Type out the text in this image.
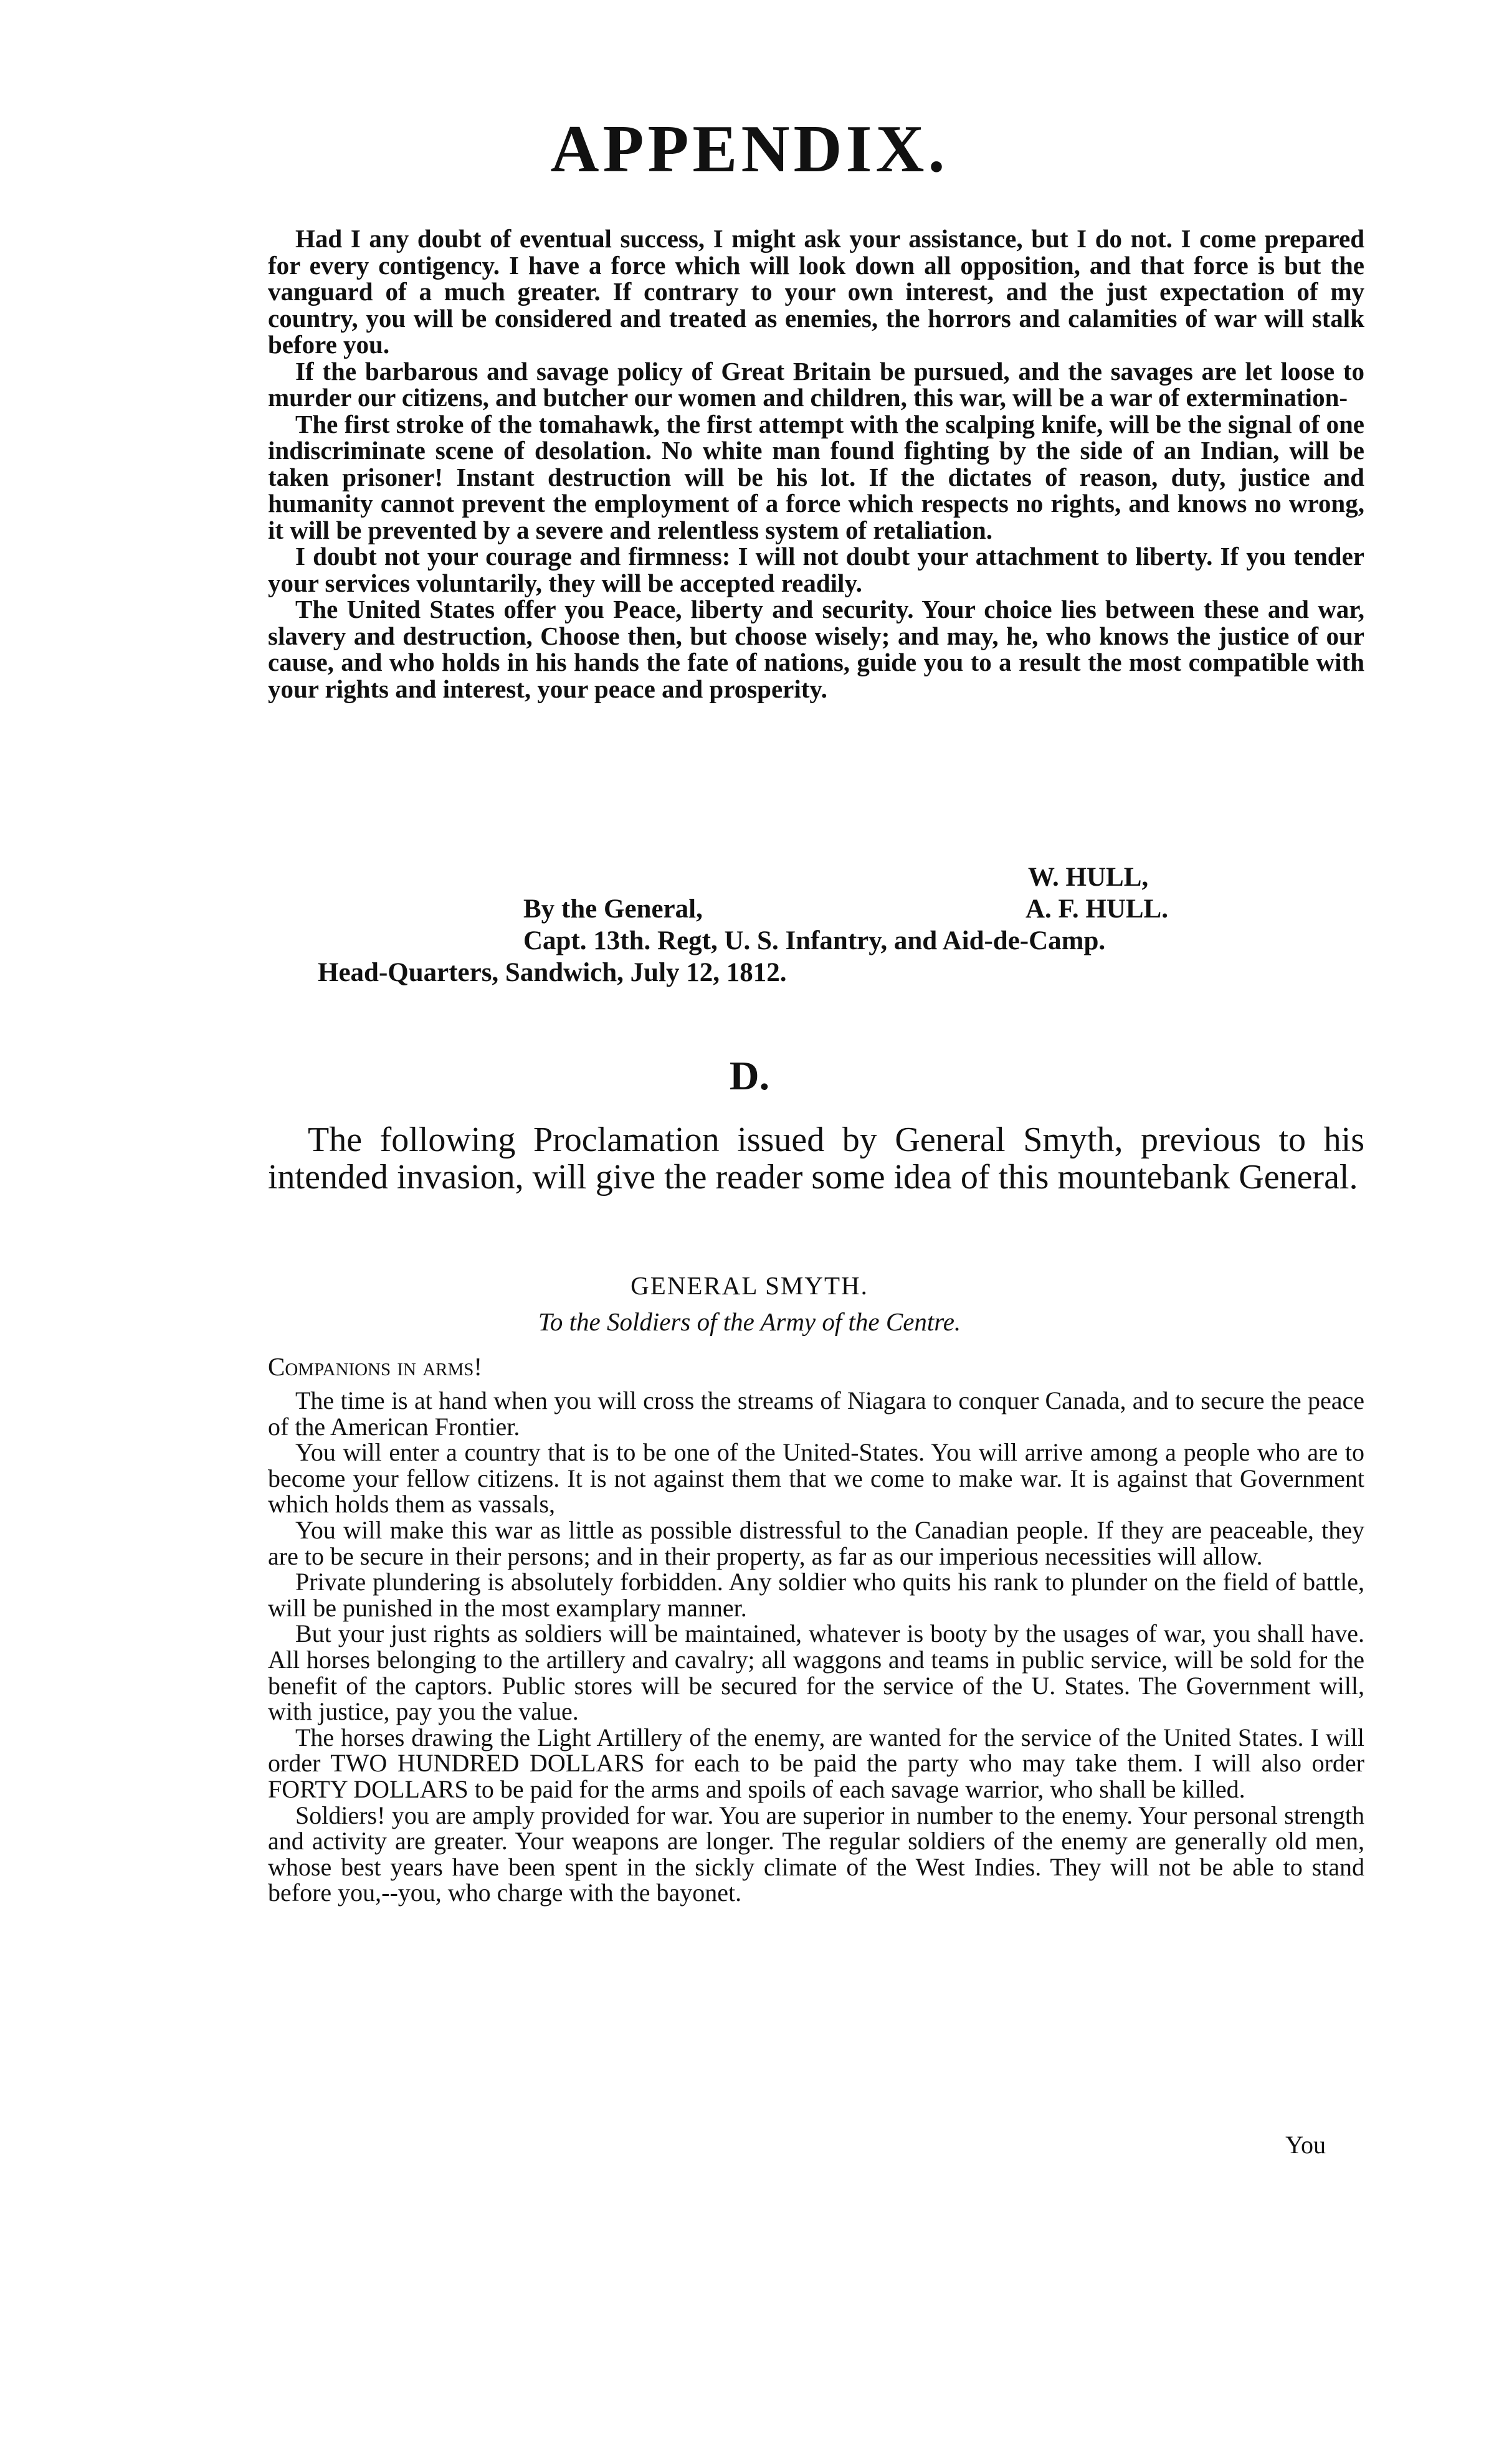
APPENDIX.

Had I any doubt of eventual success, I might ask your assistance, but I do not. I come prepared for every contigency. I have a force which will look down all opposition, and that force is but the vanguard of a much greater. If contrary to your own interest, and the just expectation of my country, you will be considered and treated as enemies, the horrors and calamities of war will stalk before you.

If the barbarous and savage policy of Great Britain be pursued, and the savages are let loose to murder our citizens, and butcher our women and children, this war, will be a war of extermination-

The first stroke of the tomahawk, the first attempt with the scalping knife, will be the signal of one indiscriminate scene of desolation. No white man found fighting by the side of an Indian, will be taken prisoner! Instant destruction will be his lot. If the dictates of reason, duty, justice and humanity cannot prevent the employment of a force which respects no rights, and knows no wrong, it will be prevented by a severe and relentless system of retaliation.

I doubt not your courage and firmness: I will not doubt your attachment to liberty. If you tender your services voluntarily, they will be accepted readily.

The United States offer you Peace, liberty and security. Your choice lies between these and war, slavery and destruction, Choose then, but choose wisely; and may, he, who knows the justice of our cause, and who holds in his hands the fate of nations, guide you to a result the most compatible with your rights and interest, your peace and prosperity.

W. HULL,
By the General,	A. F. HULL.
Capt. 13th. Regt, U. S. Infantry, and Aid-de-Camp.
Head-Quarters, Sandwich, July 12, 1812.
D.

The following Proclamation issued by General Smyth, previous to his intended invasion, will give the reader some idea of this mountebank General.

GENERAL SMYTH.

To the Soldiers of the Army of the Centre.

Companions in arms!

The time is at hand when you will cross the streams of Niagara to conquer Canada, and to secure the peace of the American Frontier.

You will enter a country that is to be one of the United-States. You will arrive among a people who are to become your fellow citizens. It is not against them that we come to make war. It is against that Government which holds them as vassals,

You will make this war as little as possible distressful to the Canadian people. If they are peaceable, they are to be secure in their persons; and in their property, as far as our imperious necessities will allow.

Private plundering is absolutely forbidden. Any soldier who quits his rank to plunder on the field of battle, will be punished in the most examplary manner.

But your just rights as soldiers will be maintained, whatever is booty by the usages of war, you shall have. All horses belonging to the artillery and cavalry; all waggons and teams in public service, will be sold for the benefit of the captors. Public stores will be secured for the service of the U. States. The Government will, with justice, pay you the value.

The horses drawing the Light Artillery of the enemy, are wanted for the service of the United States. I will order TWO HUNDRED DOLLARS for each to be paid the party who may take them. I will also order FORTY DOLLARS to be paid for the arms and spoils of each savage warrior, who shall be killed.

Soldiers! you are amply provided for war. You are superior in number to the enemy. Your personal strength and activity are greater. Your weapons are longer. The regular soldiers of the enemy are generally old men, whose best years have been spent in the sickly climate of the West Indies. They will not be able to stand before you,--you, who charge with the bayonet.

You
